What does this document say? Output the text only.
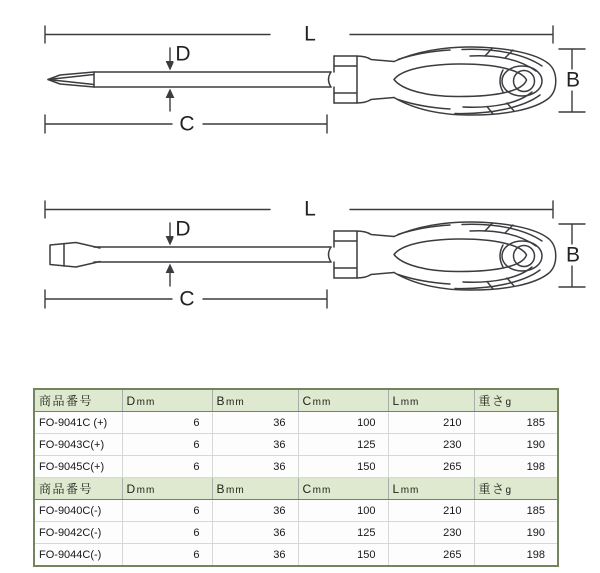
L
D
C
B
L
D
C
B
商品番号	Dmm	Bmm	Cmm	Lmm	重さg
FO-9041C (+)	6	36	100	210	185
FO-9043C(+)	6	36	125	230	190
FO-9045C(+)	6	36	150	265	198
商品番号	Dmm	Bmm	Cmm	Lmm	重さg
FO-9040C(-)	6	36	100	210	185
FO-9042C(-)	6	36	125	230	190
FO-9044C(-)	6	36	150	265	198
